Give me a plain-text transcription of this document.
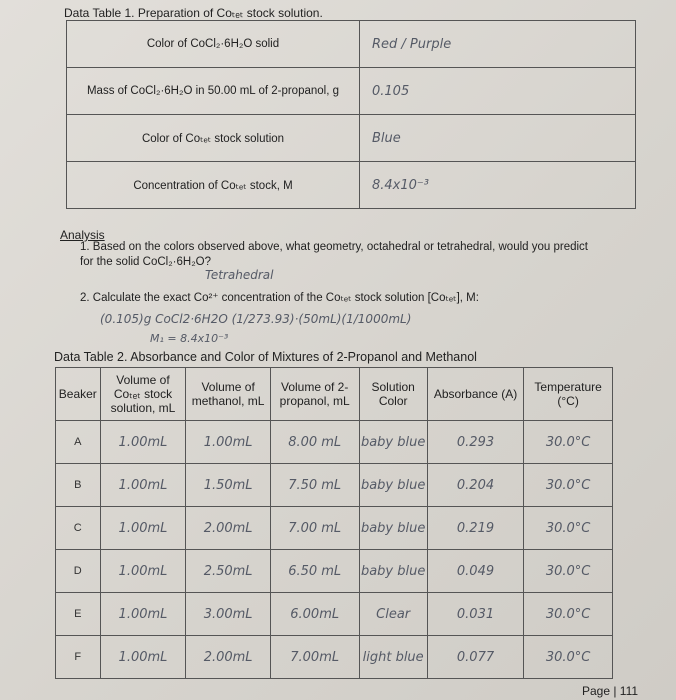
Data Table 1. Preparation of Coₜₑₜ stock solution.
Color of CoCl₂·6H₂O solid	Red / Purple
Mass of CoCl₂·6H₂O in 50.00 mL of 2-propanol, g	0.105
Color of Coₜₑₜ stock solution	Blue
Concentration of Coₜₑₜ stock, M	8.4x10⁻³
Analysis
1. Based on the colors observed above, what geometry, octahedral or tetrahedral, would you predict for the solid CoCl₂·6H₂O?
Tetrahedral
2. Calculate the exact Co²⁺ concentration of the Coₜₑₜ stock solution [Coₜₑₜ], M:
(0.105)g CoCl2·6H2O (1/273.93)·(50mL)(1/1000mL)
M₁ = 8.4x10⁻³
Data Table 2. Absorbance and Color of Mixtures of 2-Propanol and Methanol
Beaker	Volume of Coₜₑₜ stock solution, mL	Volume of methanol, mL	Volume of 2-propanol, mL	Solution Color	Absorbance (A)	Temperature (°C)
A	1.00mL	1.00mL	8.00 mL	baby blue	0.293	30.0°C
B	1.00mL	1.50mL	7.50 mL	baby blue	0.204	30.0°C
C	1.00mL	2.00mL	7.00 mL	baby blue	0.219	30.0°C
D	1.00mL	2.50mL	6.50 mL	baby blue	0.049	30.0°C
E	1.00mL	3.00mL	6.00mL	Clear	0.031	30.0°C
F	1.00mL	2.00mL	7.00mL	light blue	0.077	30.0°C
Page | 111
